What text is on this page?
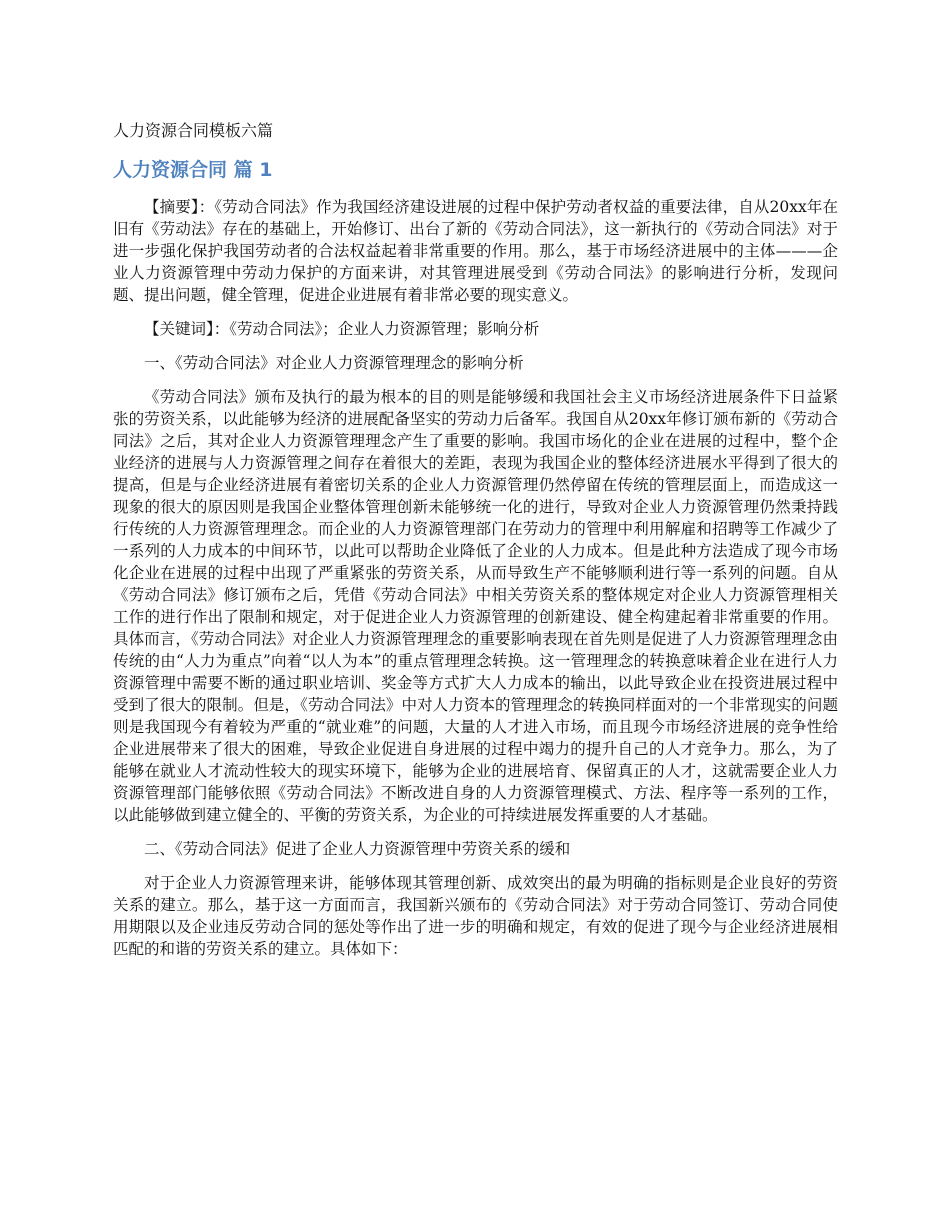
人力资源合同模板六篇
人力资源合同 篇 1

【摘要】：《劳动合同法》作为我国经济建设进展的过程中保护劳动者权益的重要法律，自从20xx年在旧有《劳动法》存在的基础上，开始修订、出台了新的《劳动合同法》，这一新执行的《劳动合同法》对于进一步强化保护我国劳动者的合法权益起着非常重要的作用。那么，基于市场经济进展中的主体———企业人力资源管理中劳动力保护的方面来讲，对其管理进展受到《劳动合同法》的影响进行分析，发现问题、提出问题，健全管理，促进企业进展有着非常必要的现实意义。

【关键词】：《劳动合同法》；企业人力资源管理；影响分析

一、《劳动合同法》对企业人力资源管理理念的影响分析

《劳动合同法》颁布及执行的最为根本的目的则是能够缓和我国社会主义市场经济进展条件下日益紧张的劳资关系，以此能够为经济的进展配备坚实的劳动力后备军。我国自从20xx年修订颁布新的《劳动合同法》之后，其对企业人力资源管理理念产生了重要的影响。我国市场化的企业在进展的过程中，整个企业经济的进展与人力资源管理之间存在着很大的差距，表现为我国企业的整体经济进展水平得到了很大的提高，但是与企业经济进展有着密切关系的企业人力资源管理仍然停留在传统的管理层面上，而造成这一现象的很大的原因则是我国企业整体管理创新未能够统一化的进行，导致对企业人力资源管理仍然秉持践行传统的人力资源管理理念。而企业的人力资源管理部门在劳动力的管理中利用解雇和招聘等工作减少了一系列的人力成本的中间环节，以此可以帮助企业降低了企业的人力成本。但是此种方法造成了现今市场化企业在进展的过程中出现了严重紧张的劳资关系，从而导致生产不能够顺利进行等一系列的问题。自从《劳动合同法》修订颁布之后，凭借《劳动合同法》中相关劳资关系的整体规定对企业人力资源管理相关工作的进行作出了限制和规定，对于促进企业人力资源管理的创新建设、健全构建起着非常重要的作用。具体而言，《劳动合同法》对企业人力资源管理理念的重要影响表现在首先则是促进了人力资源管理理念由传统的由“人力为重点”向着“以人为本”的重点管理理念转换。这一管理理念的转换意味着企业在进行人力资源管理中需要不断的通过职业培训、奖金等方式扩大人力成本的输出，以此导致企业在投资进展过程中受到了很大的限制。但是，《劳动合同法》中对人力资本的管理理念的转换同样面对的一个非常现实的问题则是我国现今有着较为严重的“就业难”的问题，大量的人才进入市场，而且现今市场经济进展的竞争性给企业进展带来了很大的困难，导致企业促进自身进展的过程中竭力的提升自己的人才竞争力。那么，为了能够在就业人才流动性较大的现实环境下，能够为企业的进展培育、保留真正的人才，这就需要企业人力资源管理部门能够依照《劳动合同法》不断改进自身的人力资源管理模式、方法、程序等一系列的工作，以此能够做到建立健全的、平衡的劳资关系，为企业的可持续进展发挥重要的人才基础。

二、《劳动合同法》促进了企业人力资源管理中劳资关系的缓和

对于企业人力资源管理来讲，能够体现其管理创新、成效突出的最为明确的指标则是企业良好的劳资关系的建立。那么，基于这一方面而言，我国新兴颁布的《劳动合同法》对于劳动合同签订、劳动合同使用期限以及企业违反劳动合同的惩处等作出了进一步的明确和规定，有效的促进了现今与企业经济进展相匹配的和谐的劳资关系的建立。具体如下：
